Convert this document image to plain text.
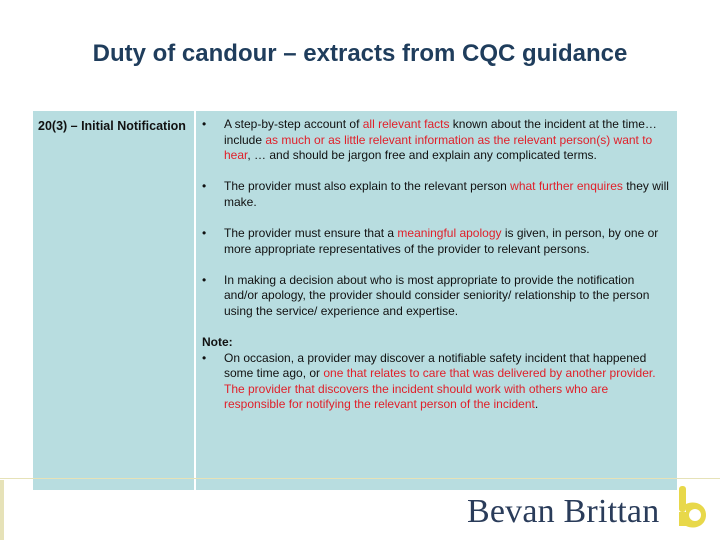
Duty of candour – extracts from CQC guidance
20(3) – Initial Notification	•	A step-by-step account of all relevant facts known about the incident at the time… include as much or as little relevant information as the relevant person(s) want to hear, … and should be jargon free and explain any complicated terms.
•	The provider must also explain to the relevant person what further enquires they will make.
•	The provider must ensure that a meaningful apology is given, in person, by one or more appropriate representatives of the provider to relevant persons.
•	In making a decision about who is most appropriate to provide the notification and/or apology, the provider should consider seniority/ relationship to the person using the service/ experience and expertise.
Note:
•	On occasion, a provider may discover a notifiable safety incident that happened some time ago, or one that relates to care that was delivered by another provider. The provider that discovers the incident should work with others who are responsible for notifying the relevant person of the incident.
Bevan Brittan
